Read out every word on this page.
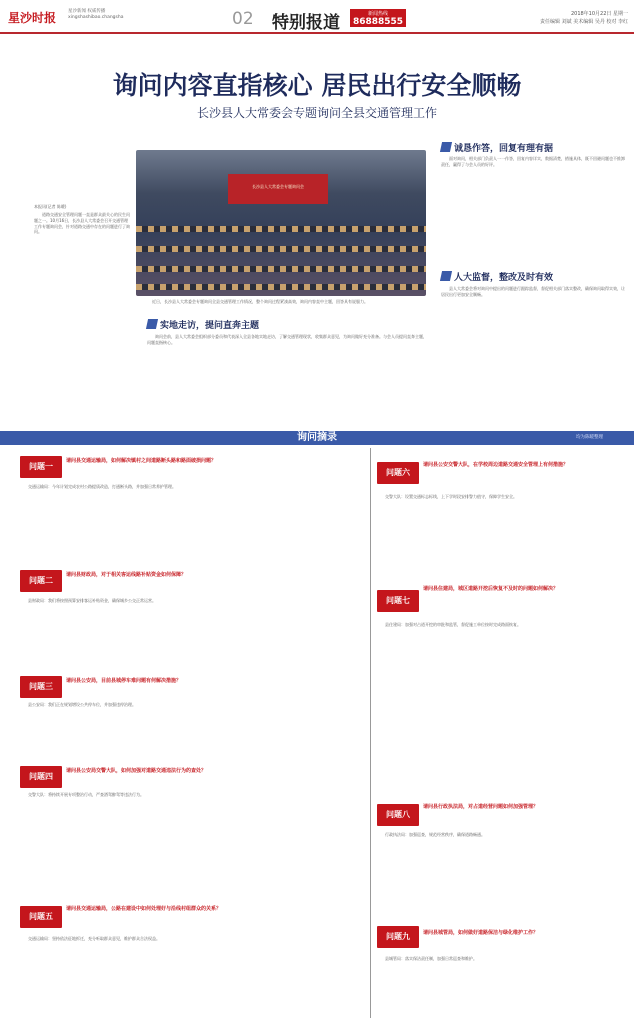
星沙时报	星沙新闻 权威传播
xingshashibao.changsha	02 特别报道	新闻热线
86888555
2018年10月22日 星期一
责任编辑 刘斌 美术编辑 吴丹 校对 李红
询问内容直指核心 居民出行安全顺畅
长沙县人大常委会专题询问全县交通管理工作
本报讯(记者 陈暖)
道路交通安全管理问题一直是群众最关心的民生问题之一。10月16日，长沙县人大常委会召开交通管理工作专题询问会，针对道路交通中存在的问题进行了询问。
长沙县人大常委会专题询问会
近日，长沙县人大常委会专题询问全县交通管理工作情况，整个询问过程紧凑高效，询问内容直中主题，回答具有说服力。
实地走访，提问直奔主题
询问会前，县人大常委会组织部分委员和代表深入全县各地实地走访，了解交通管理现状，收集群众意见，为询问做好充分准备。与会人员提问直奔主题，问题直指核心。
诚恳作答，回复有理有据
面对询问，相关部门负责人一一作答，回复内容详实，数据清楚，措施具体，既不回避问题也不推卸责任，赢得了与会人员的好评。
人大监督，整改及时有效
县人大常委会将对询问中提出的问题进行跟踪监督，督促相关部门落实整改，确保询问取得实效，让居民出行更加安全顺畅。
询问摘录	均为陈暖整理
问题一
请问县交通运输局，如何解决镇村之间道路断头路和路面破损问题？
交通运输局：今年计划完成农村公路提质改造，打通断头路，并加强日常养护管理。
问题二
请问县财政局，对于相关客运线路补贴资金如何保障？
县财政局：我们将按照预算安排客运补贴资金，确保城乡公交正常运营。
问题三
请问县公安局，目前县城停车难问题有何解决措施？
县公安局：我们正在规划增设公共停车位，并加强违停治理。
问题四
请问县公安局交警大队，如何加强对道路交通违法行为的查处？
交警大队：将持续开展专项整治行动，严查酒驾醉驾等违法行为。
问题五
请问县交通运输局，公路在建设中如何处理好与沿线村组群众的关系？
交通运输局：坚持依法征地拆迁，充分听取群众意见，维护群众合法权益。
问题六
请问县公安交警大队，在学校周边道路交通安全管理上有何措施？
交警大队：设置交通标志标线，上下学时段安排警力值守，保障学生安全。
问题七
请问县住建局，城区道路开挖后恢复不及时的问题如何解决？
县住建局：加强对占道开挖的审批和监管，督促施工单位按时完成路面恢复。
问题八
请问县行政执法局，对占道经营问题如何加强管理？
行政执法局：加强巡查，规范经营秩序，确保道路畅通。
问题九	请问县城管局，如何做好道路保洁与绿化维护工作？
县城管局：落实保洁责任制，加强日常巡查和维护。
